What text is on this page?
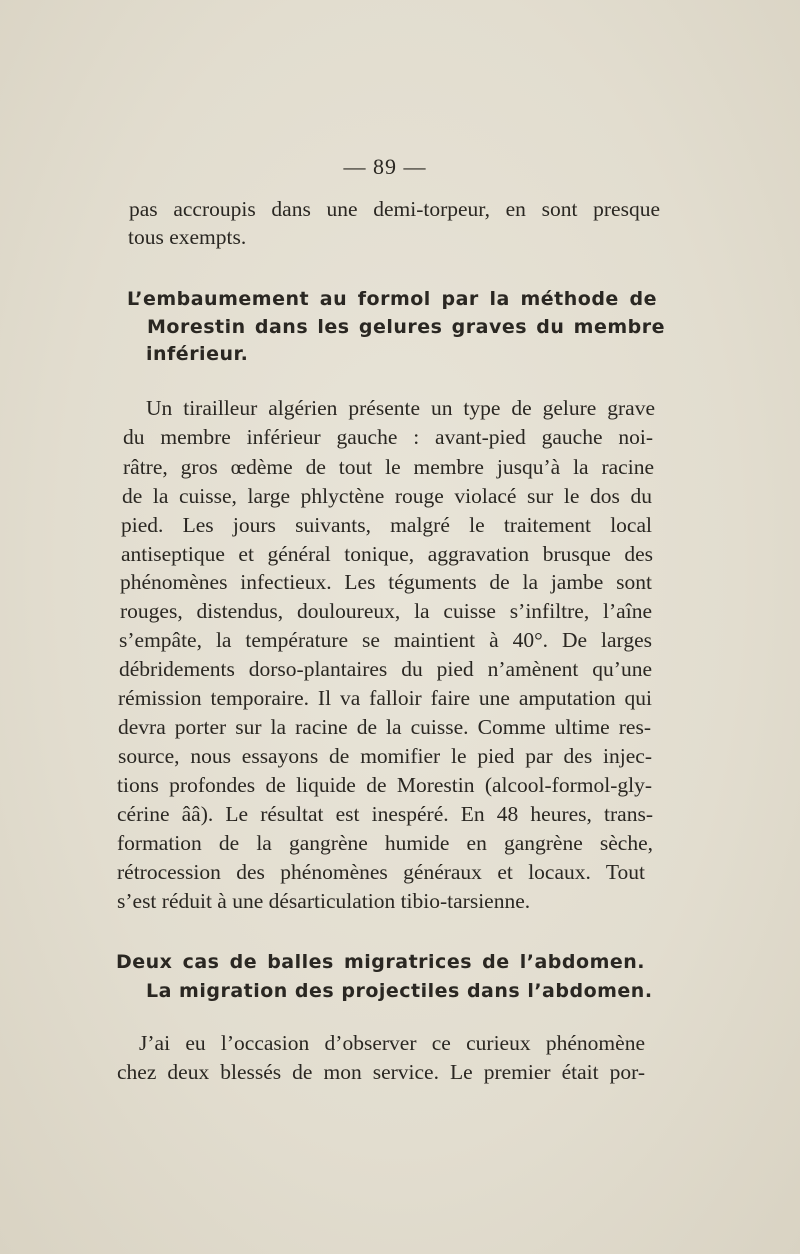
— 89 —
pas accroupis dans une demi-torpeur, en sont presque
tous exempts.
L’embaumement au formol par la méthode de
Morestin dans les gelures graves du membre
inférieur.
Un tirailleur algérien présente un type de gelure grave
du membre inférieur gauche : avant-pied gauche noi-
râtre, gros œdème de tout le membre jusqu’à la racine
de la cuisse, large phlyctène rouge violacé sur le dos du
pied. Les jours suivants, malgré le traitement local
antiseptique et général tonique, aggravation brusque des
phénomènes infectieux. Les téguments de la jambe sont
rouges, distendus, douloureux, la cuisse s’infiltre, l’aîne
s’empâte, la température se maintient à 40°. De larges
débridements dorso-plantaires du pied n’amènent qu’une
rémission temporaire. Il va falloir faire une amputation qui
devra porter sur la racine de la cuisse. Comme ultime res-
source, nous essayons de momifier le pied par des injec-
tions profondes de liquide de Morestin (alcool-formol-gly-
cérine ââ). Le résultat est inespéré. En 48 heures, trans-
formation de la gangrène humide en gangrène sèche,
rétrocession des phénomènes généraux et locaux. Tout
s’est réduit à une désarticulation tibio-tarsienne.
Deux cas de balles migratrices de l’abdomen.
La migration des projectiles dans l’abdomen.
J’ai eu l’occasion d’observer ce curieux phénomène
chez deux blessés de mon service. Le premier était por-
